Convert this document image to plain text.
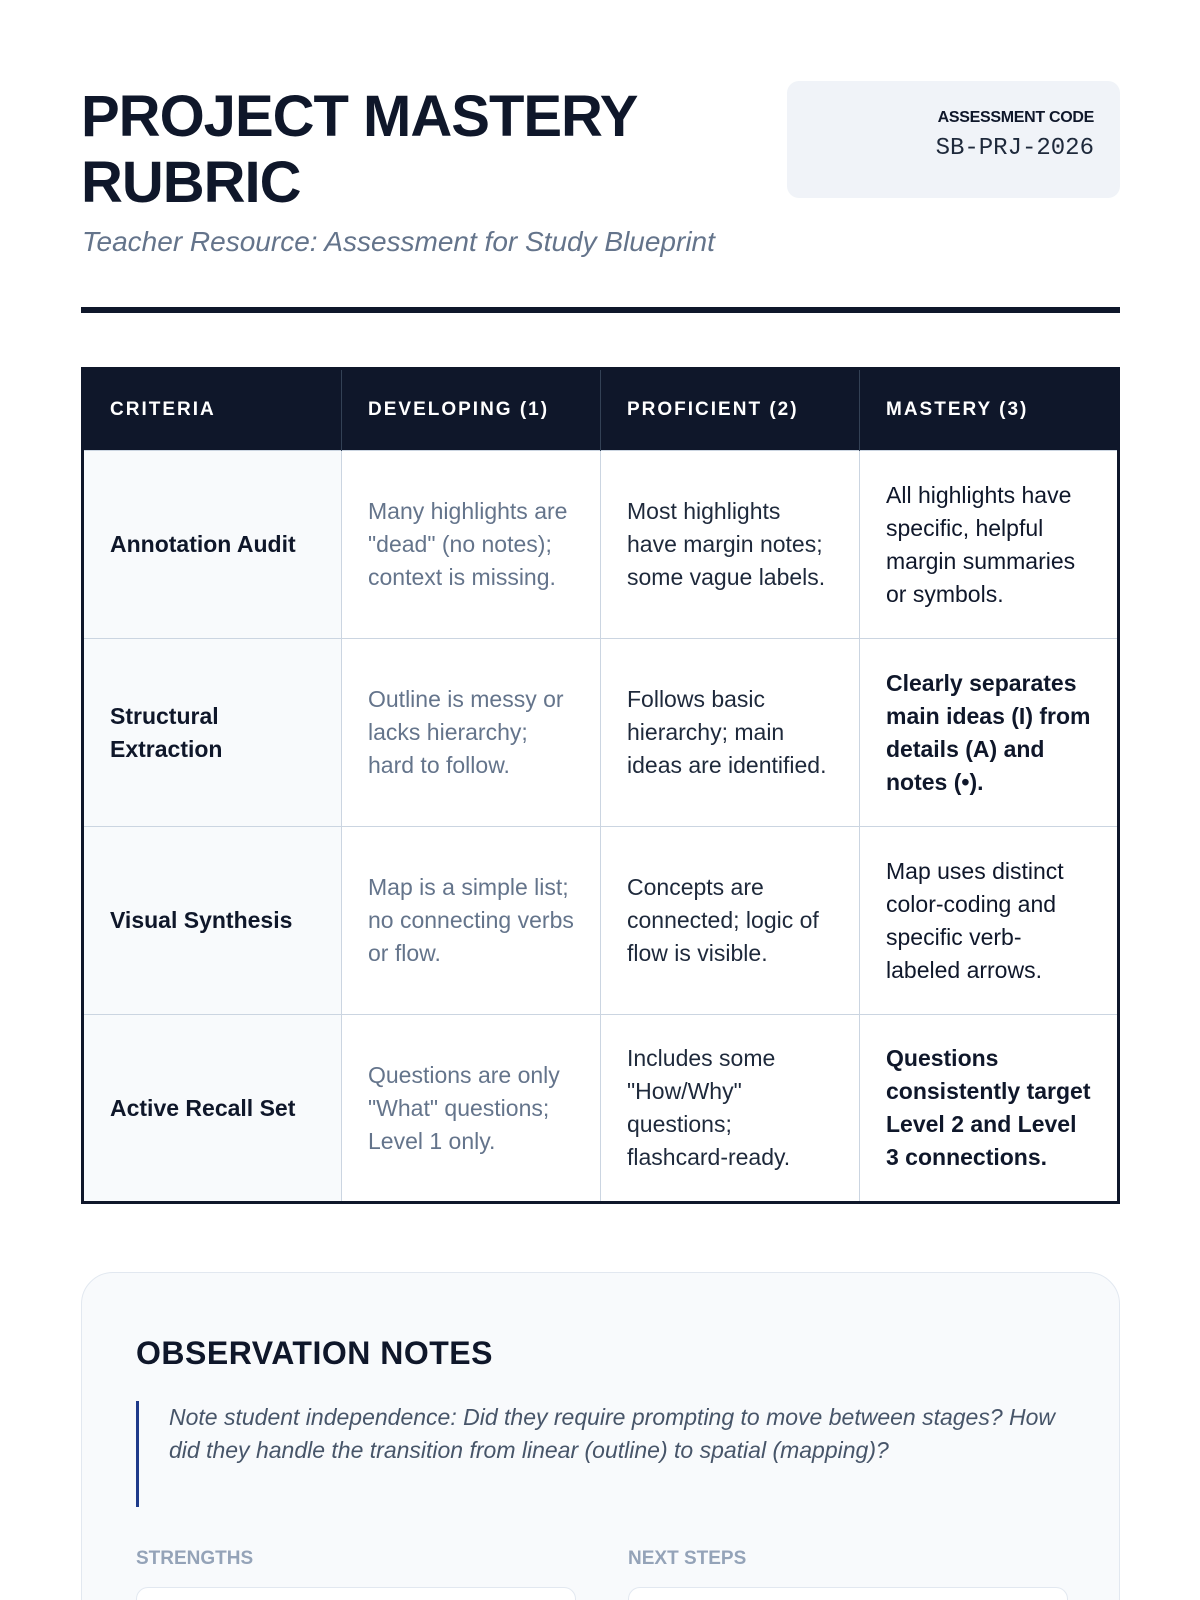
PROJECT MASTERY RUBRIC
Teacher Resource: Assessment for Study Blueprint
ASSESSMENT CODE
SB-PRJ-2026
CRITERIA	DEVELOPING (1)	PROFICIENT (2)	MASTERY (3)
Annotation Audit	Many highlights are "dead" (no notes); context is missing.	Most highlights have margin notes; some vague labels.	All highlights have specific, helpful margin summaries or symbols.
Structural Extraction	Outline is messy or lacks hierarchy; hard to follow.	Follows basic hierarchy; main ideas are identified.	Clearly separates main ideas (I) from details (A) and notes (•).
Visual Synthesis	Map is a simple list; no connecting verbs or flow.	Concepts are connected; logic of flow is visible.	Map uses distinct color-coding and specific verb-labeled arrows.
Active Recall Set	Questions are only "What" questions; Level 1 only.	Includes some "How/Why" questions; flashcard-ready.	Questions consistently target Level 2 and Level 3 connections.
OBSERVATION NOTES
Note student independence: Did they require prompting to move between stages? How did they handle the transition from linear (outline) to spatial (mapping)?
STRENGTHS	NEXT STEPS
